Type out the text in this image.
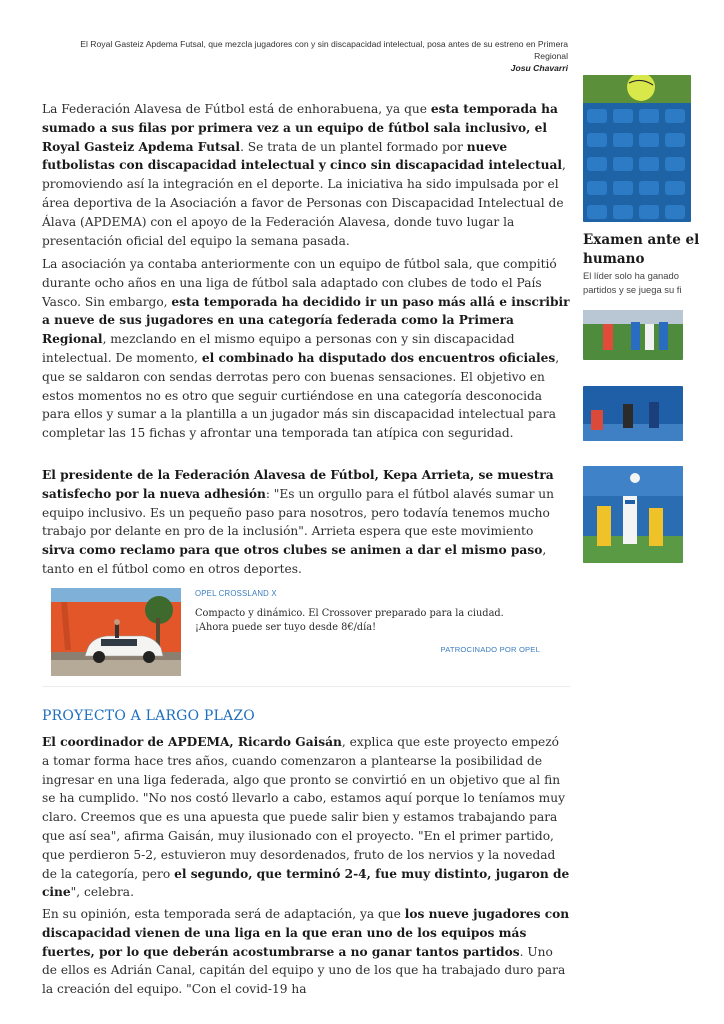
El Royal Gasteiz Apdema Futsal, que mezcla jugadores con y sin discapacidad intelectual, posa antes de su estreno en Primera Regional
Josu Chavarri

La Federación Alavesa de Fútbol está de enhorabuena, ya que esta temporada ha sumado a sus filas por primera vez a un equipo de fútbol sala inclusivo, el Royal Gasteiz Apdema Futsal. Se trata de un plantel formado por nueve futbolistas con discapacidad intelectual y cinco sin discapacidad intelectual, promoviendo así la integración en el deporte. La iniciativa ha sido impulsada por el área deportiva de la Asociación a favor de Personas con Discapacidad Intelectual de Álava (APDEMA) con el apoyo de la Federación Alavesa, donde tuvo lugar la presentación oficial del equipo la semana pasada.

La asociación ya contaba anteriormente con un equipo de fútbol sala, que compitió durante ocho años en una liga de fútbol sala adaptado con clubes de todo el País Vasco. Sin embargo, esta temporada ha decidido ir un paso más allá e inscribir a nueve de sus jugadores en una categoría federada como la Primera Regional, mezclando en el mismo equipo a personas con y sin discapacidad intelectual. De momento, el combinado ha disputado dos encuentros oficiales, que se saldaron con sendas derrotas pero con buenas sensaciones. El objetivo en estos momentos no es otro que seguir curtiéndose en una categoría desconocida para ellos y sumar a la plantilla a un jugador más sin discapacidad intelectual para completar las 15 fichas y afrontar una temporada tan atípica con seguridad.

El presidente de la Federación Alavesa de Fútbol, Kepa Arrieta, se muestra satisfecho por la nueva adhesión: "Es un orgullo para el fútbol alavés sumar un equipo inclusivo. Es un pequeño paso para nosotros, pero todavía tenemos mucho trabajo por delante en pro de la inclusión". Arrieta espera que este movimiento sirva como reclamo para que otros clubes se animen a dar el mismo paso, tanto en el fútbol como en otros deportes.

OPEL CROSSLAND X
Compacto y dinámico. El Crossover preparado para la ciudad. ¡Ahora puede ser tuyo desde 8€/día!
PATROCINADO POR OPEL
PROYECTO A LARGO PLAZO

El coordinador de APDEMA, Ricardo Gaisán, explica que este proyecto empezó a tomar forma hace tres años, cuando comenzaron a plantearse la posibilidad de ingresar en una liga federada, algo que pronto se convirtió en un objetivo que al fin se ha cumplido. "No nos costó llevarlo a cabo, estamos aquí porque lo teníamos muy claro. Creemos que es una apuesta que puede salir bien y estamos trabajando para que así sea", afirma Gaisán, muy ilusionado con el proyecto. "En el primer partido, que perdieron 5-2, estuvieron muy desordenados, fruto de los nervios y la novedad de la categoría, pero el segundo, que terminó 2-4, fue muy distinto, jugaron de cine", celebra.

En su opinión, esta temporada será de adaptación, ya que los nueve jugadores con discapacidad vienen de una liga en la que eran uno de los equipos más fuertes, por lo que deberán acostumbrarse a no ganar tantos partidos. Uno de ellos es Adrián Canal, capitán del equipo y uno de los que ha trabajado duro para la creación del equipo. "Con el covid-19 ha

Examen ante el
humano
El líder solo ha ganado
partidos y se juega su fi
